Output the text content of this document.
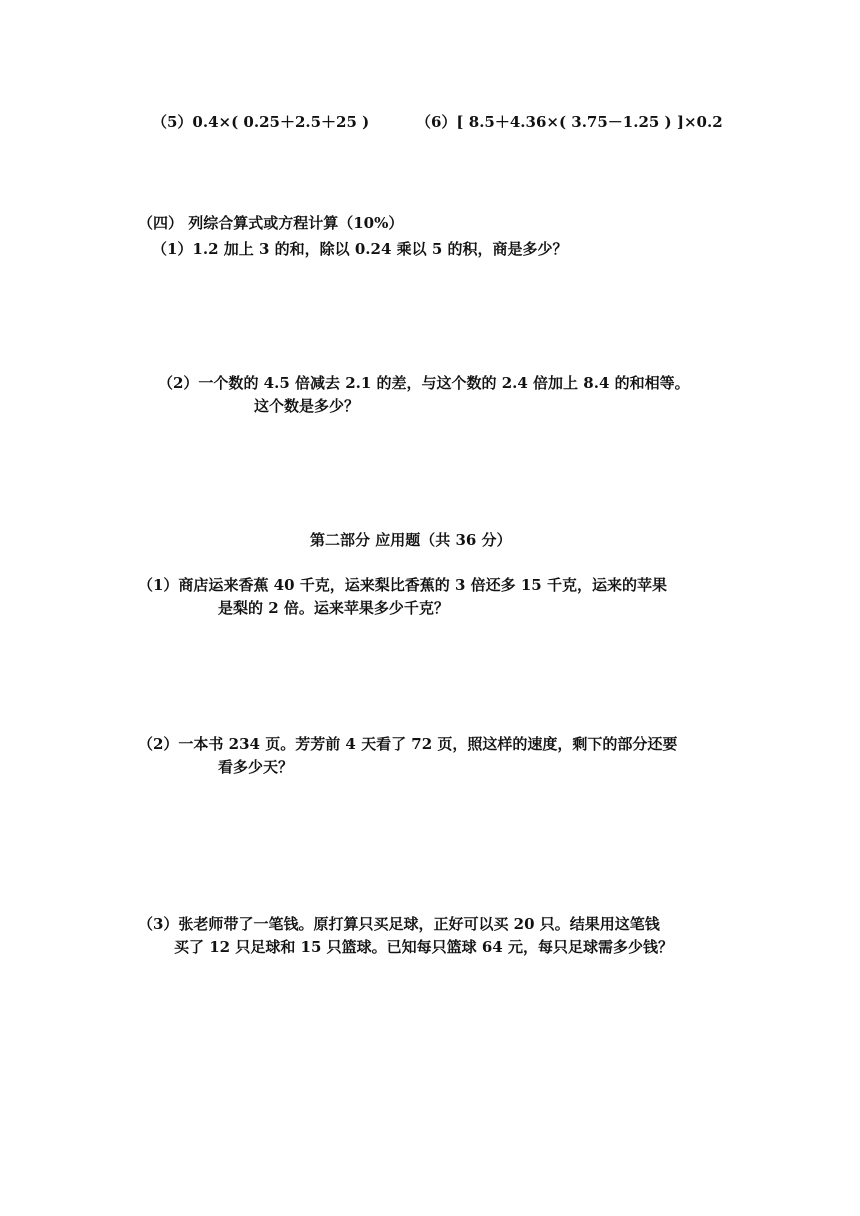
（5）0.4×( 0.25＋2.5＋25 )	（6）[ 8.5＋4.36×( 3.75－1.25 ) ]×0.2
（四） 列综合算式或方程计算（10%）
（1）1.2 加上 3 的和，除以 0.24 乘以 5 的积，商是多少？
（2）一个数的 4.5 倍减去 2.1 的差，与这个数的 2.4 倍加上 8.4 的和相等。
这个数是多少？
第二部分 应用题（共 36 分）
（1）商店运来香蕉 40 千克，运来梨比香蕉的 3 倍还多 15 千克，运来的苹果
是梨的 2 倍。运来苹果多少千克？
（2）一本书 234 页。芳芳前 4 天看了 72 页，照这样的速度，剩下的部分还要
看多少天？
（3）张老师带了一笔钱。原打算只买足球，正好可以买 20 只。结果用这笔钱
买了 12 只足球和 15 只篮球。已知每只篮球 64 元，每只足球需多少钱？
